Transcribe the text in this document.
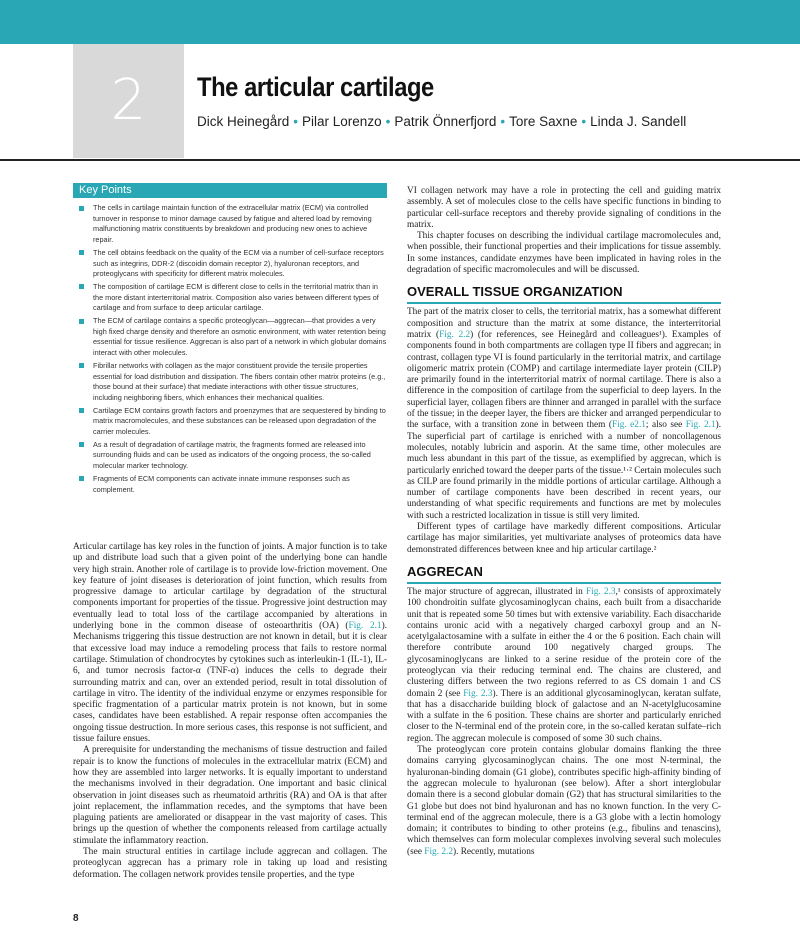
2	The articular cartilage
Dick Heinegård • Pilar Lorenzo • Patrik Önnerfjord • Tore Saxne • Linda J. Sandell
Key Points
The cells in cartilage maintain function of the extracellular matrix (ECM) via controlled turnover in response to minor damage caused by fatigue and altered load by removing malfunctioning matrix constituents by breakdown and producing new ones to achieve repair.
The cell obtains feedback on the quality of the ECM via a number of cell-surface receptors such as integrins, DDR-2 (discoidin domain receptor 2), hyaluronan receptors, and proteoglycans with specificity for different matrix molecules.
The composition of cartilage ECM is different close to cells in the territorial matrix than in the more distant interterritorial matrix. Composition also varies between different types of cartilage and from surface to deep articular cartilage.
The ECM of cartilage contains a specific proteoglycan—aggrecan—that provides a very high fixed charge density and therefore an osmotic environment, with water retention being essential for tissue resilience. Aggrecan is also part of a network in which globular domains interact with other molecules.
Fibrillar networks with collagen as the major constituent provide the tensile properties essential for load distribution and dissipation. The fibers contain other matrix proteins (e.g., those bound at their surface) that mediate interactions with other tissue structures, including neighboring fibers, which enhances their mechanical qualities.
Cartilage ECM contains growth factors and proenzymes that are sequestered by binding to matrix macromolecules, and these substances can be released upon degradation of the carrier molecules.
As a result of degradation of cartilage matrix, the fragments formed are released into surrounding fluids and can be used as indicators of the ongoing process, the so-called molecular marker technology.
Fragments of ECM components can activate innate immune responses such as complement.

Articular cartilage has key roles in the function of joints. A major function is to take up and distribute load such that a given point of the underlying bone can handle very high strain. Another role of cartilage is to provide low-friction movement. One key feature of joint diseases is deterioration of joint function, which results from progressive damage to articular cartilage by degradation of the structural components important for properties of the tissue. Progressive joint destruction may eventually lead to total loss of the cartilage accompanied by alterations in underlying bone in the common disease of osteoarthritis (OA) (Fig. 2.1). Mechanisms triggering this tissue destruction are not known in detail, but it is clear that excessive load may induce a remodeling process that fails to restore normal cartilage. Stimulation of chondrocytes by cytokines such as interleukin-1 (IL-1), IL-6, and tumor necrosis factor-α (TNF-α) induces the cells to degrade their surrounding matrix and can, over an extended period, result in total dissolution of cartilage in vitro. The identity of the individual enzyme or enzymes responsible for specific fragmentation of a particular matrix protein is not known, but in some cases, candidates have been established. A repair response often accompanies the ongoing tissue destruction. In more serious cases, this response is not sufficient, and tissue failure ensues.

A prerequisite for understanding the mechanisms of tissue destruction and failed repair is to know the functions of molecules in the extracellular matrix (ECM) and how they are assembled into larger networks. It is equally important to understand the mechanisms involved in their degradation. One important and basic clinical observation in joint diseases such as rheumatoid arthritis (RA) and OA is that after joint replacement, the inflammation recedes, and the symptoms that have been plaguing patients are ameliorated or disappear in the vast majority of cases. This brings up the question of whether the components released from cartilage actually stimulate the inflammatory reaction.

The main structural entities in cartilage include aggrecan and collagen. The proteoglycan aggrecan has a primary role in taking up load and resisting deformation. The collagen network provides tensile properties, and the type

VI collagen network may have a role in protecting the cell and guiding matrix assembly. A set of molecules close to the cells have specific functions in binding to particular cell-surface receptors and thereby provide signaling of conditions in the matrix.

This chapter focuses on describing the individual cartilage macromolecules and, when possible, their functional properties and their implications for tissue assembly. In some instances, candidate enzymes have been implicated in having roles in the degradation of specific macromolecules and will be discussed.

OVERALL TISSUE ORGANIZATION

The part of the matrix closer to cells, the territorial matrix, has a somewhat different composition and structure than the matrix at some distance, the interterritorial matrix (Fig. 2.2) (for references, see Heinegård and colleagues¹). Examples of components found in both compartments are collagen type II fibers and aggrecan; in contrast, collagen type VI is found particularly in the territorial matrix, and cartilage oligomeric matrix protein (COMP) and cartilage intermediate layer protein (CILP) are primarily found in the interterritorial matrix of normal cartilage. There is also a difference in the composition of cartilage from the superficial to deep layers. In the superficial layer, collagen fibers are thinner and arranged in parallel with the surface of the tissue; in the deeper layer, the fibers are thicker and arranged perpendicular to the surface, with a transition zone in between them (Fig. e2.1; also see Fig. 2.1). The superficial part of cartilage is enriched with a number of noncollagenous molecules, notably lubricin and asporin. At the same time, other molecules are much less abundant in this part of the tissue, as exemplified by aggrecan, which is particularly enriched toward the deeper parts of the tissue.¹·² Certain molecules such as CILP are found primarily in the middle portions of articular cartilage. Although a number of cartilage components have been described in recent years, our understanding of what specific requirements and functions are met by molecules with such a restricted localization in tissue is still very limited.

Different types of cartilage have markedly different compositions. Articular cartilage has major similarities, yet multivariate analyses of proteomics data have demonstrated differences between knee and hip articular cartilage.²

AGGRECAN

The major structure of aggrecan, illustrated in Fig. 2.3,¹ consists of approximately 100 chondroitin sulfate glycosaminoglycan chains, each built from a disaccharide unit that is repeated some 50 times but with extensive variability. Each disaccharide contains uronic acid with a negatively charged carboxyl group and an N-acetylgalactosamine with a sulfate in either the 4 or the 6 position. Each chain will therefore contribute around 100 negatively charged groups. The glycosaminoglycans are linked to a serine residue of the protein core of the proteoglycan via their reducing terminal end. The chains are clustered, and clustering differs between the two regions referred to as CS domain 1 and CS domain 2 (see Fig. 2.3). There is an additional glycosaminoglycan, keratan sulfate, that has a disaccharide building block of galactose and an N-acetylglucosamine with a sulfate in the 6 position. These chains are shorter and particularly enriched closer to the N-terminal end of the protein core, in the so-called keratan sulfate–rich region. The aggrecan molecule is composed of some 30 such chains.

The proteoglycan core protein contains globular domains flanking the three domains carrying glycosaminoglycan chains. The one most N-terminal, the hyaluronan-binding domain (G1 globe), contributes specific high-affinity binding of the aggrecan molecule to hyaluronan (see below). After a short interglobular domain there is a second globular domain (G2) that has structural similarities to the G1 globe but does not bind hyaluronan and has no known function. In the very C-terminal end of the aggrecan molecule, there is a G3 globe with a lectin homology domain; it contributes to binding to other proteins (e.g., fibulins and tenascins), which themselves can form molecular complexes involving several such molecules (see Fig. 2.2). Recently, mutations

8
